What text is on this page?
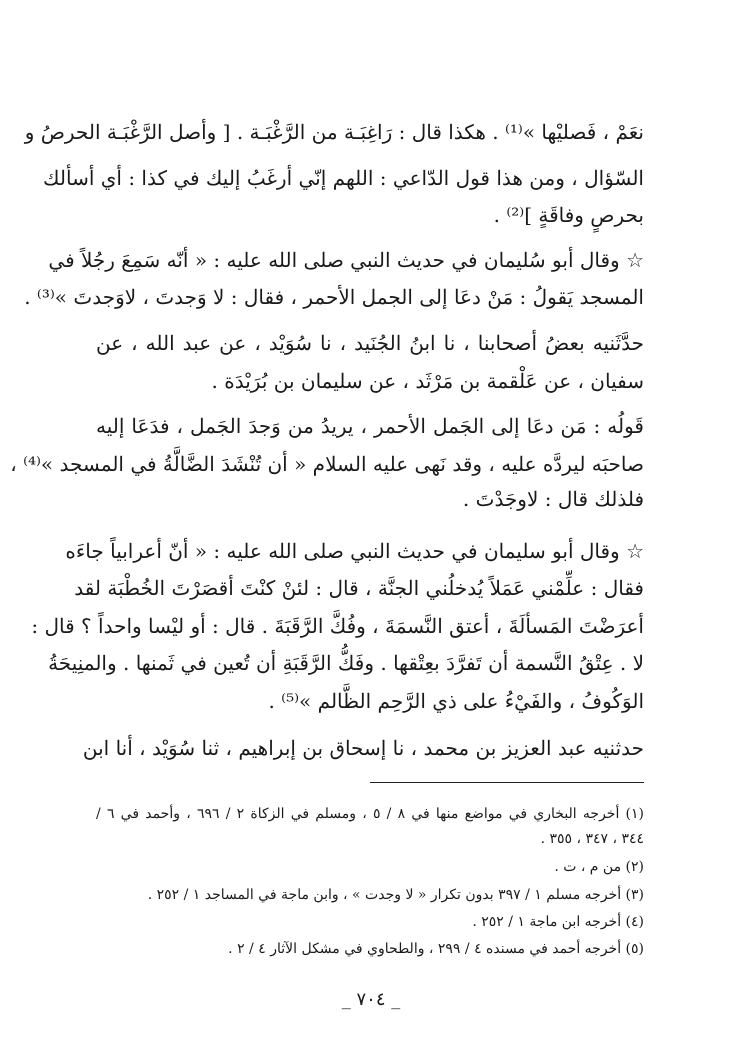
نعَمْ ، فَصليْها »⁽¹⁾ . هكذا قال : رَاغِبَـة من الرَّغْبَـة . [ وأصل الرَّغْبَـة الحرصُ و

السّؤال ، ومن هذا قول الدّاعي : اللهم إنّي أرغَبُ إليك في كذا : أي أسألك

بحرصٍ وفاقَةٍ ]⁽²⁾ .

☆ وقال أبو سُليمان في حديث النبي صلى الله عليه : « أنّه سَمِعَ رجُلاً في

المسجد يَقولُ : مَنْ دعَا إلى الجمل الأحمر ، فقال : لا وَجدتَ ، لاوَجدتَ »⁽³⁾ .

حدَّثَنيه بعضُ أصحابنا ، نا ابنُ الجُنَيد ، نا سُوَيْد ، عن عبد الله ، عن

سفيان ، عن عَلْقمة بن مَرْثَد ، عن سليمان بن بُرَيْدَة .

قَولُه : مَن دعَا إلى الجَمل الأحمر ، يريدُ من وَجدَ الجَمل ، فدَعَا إليه

صاحبَه ليردَّه عليه ، وقد نَهى عليه السلام « أن تُنْشَدَ الضَّالَّةُ في المسجد »⁽⁴⁾ ،

فلذلك قال : لاوجَدْتَ .

☆ وقال أبو سليمان في حديث النبي صلى الله عليه : « أنّ أعرابياً جاءَه

فقال : علِّمْني عَمَلاً يُدخلُني الجنَّة ، قال : لئنْ كنْتَ أقصَرْتَ الخُطْبَة لقد

أعرَضْتَ المَسألَةَ ، أعتق النَّسمَةَ ، وفُكَّ الرَّقَبَةَ . قال : أو ليْسا واحداً ؟ قال :

لا . عِتْقُ النَّسمة أن تَفرَّدَ بعِتْقها . وفَكُّ الرَّقَبَةِ أن تُعين في ثَمنها . والمنِيحَةُ

الوَكُوفُ ، والفَيْءُ على ذي الرَّحِم الظَّالم »⁽⁵⁾ .

حدثنيه عبد العزيز بن محمد ، نا إسحاق بن إبراهيم ، ثنا سُوَيْد ، أنا ابن

(١) أخرجه البخاري في مواضع منها في ٨ / ٥ ، ومسلم في الزكاة ٢ / ٦٩٦ ، وأحمد في ٦ /

٣٤٤ ، ٣٤٧ ، ٣٥٥ .

(٢) من م ، ت .

(٣) أخرجه مسلم ١ / ٣٩٧ بدون تكرار « لا وجدت » ، وابن ماجة في المساجد ١ / ٢٥٢ .

(٤) أخرجه ابن ماجة ١ / ٢٥٢ .

(٥) أخرجه أحمد في مسنده ٤ / ٢٩٩ ، والطحاوي في مشكل الآثار ٤ / ٢ .

_ ٧٠٤ _
